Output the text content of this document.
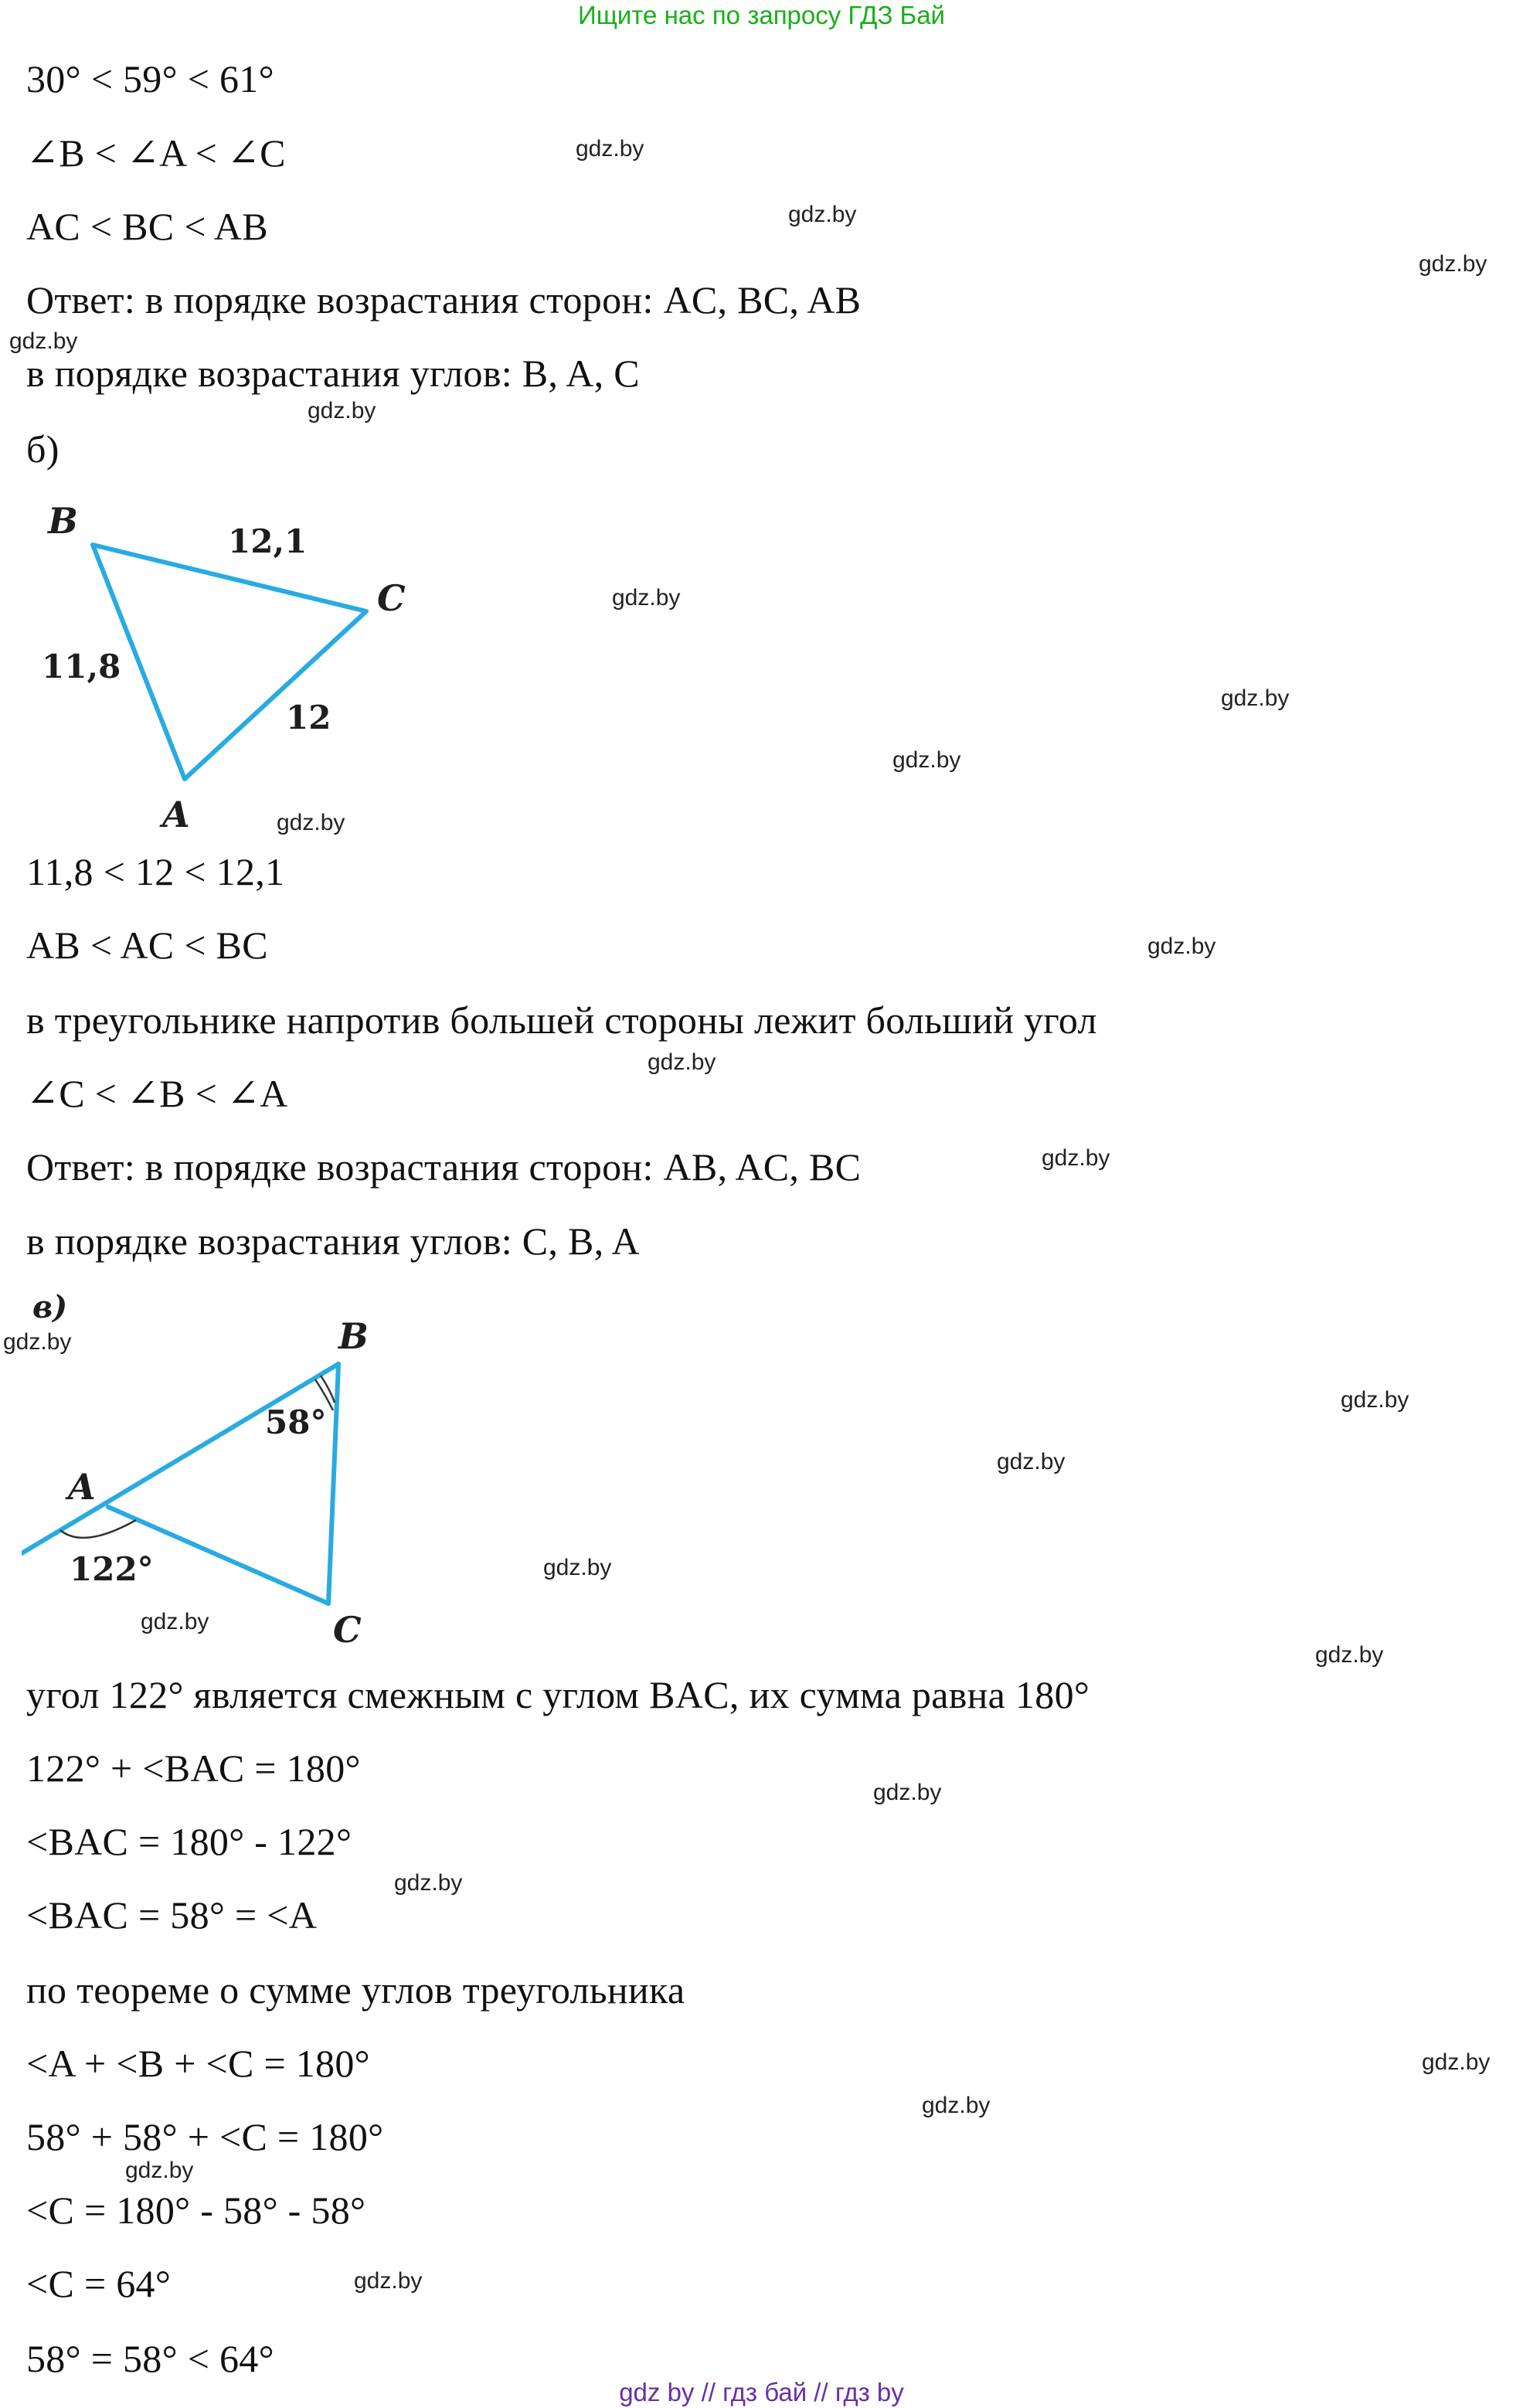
Ищите нас по запросу ГДЗ Бай
30° < 59° < 61°
∠B < ∠A < ∠C
AC < BC < AB
Ответ: в порядке возрастания сторон: AC, BC, AB
в порядке возрастания углов: B, A, C
б)
B
C
A
12,1
11,8
12
11,8 < 12 < 12,1
AB < AC < BC
в треугольнике напротив большей стороны лежит больший угол
∠C < ∠B < ∠A
Ответ: в порядке возрастания сторон: AB, AC, BC
в порядке возрастания углов: C, B, A
в)
B
A
C
58°
122°
угол 122° является смежным с углом BAC, их сумма равна 180°
122° + <BAC = 180°
<BAC = 180° - 122°
<BAC = 58° = <A
по теореме о сумме углов треугольника
<A + <B + <C = 180°
58° + 58° + <C = 180°
<C = 180° - 58° - 58°
<C = 64°
58° = 58° < 64°
gdz.by
gdz.by
gdz.by
gdz.by
gdz.by
gdz.by
gdz.by
gdz.by
gdz.by
gdz.by
gdz.by
gdz.by
gdz.by
gdz.by
gdz.by
gdz.by
gdz.by
gdz.by
gdz.by
gdz.by
gdz.by
gdz.by
gdz.by
gdz.by
gdz by // гдз бай // гдз by
